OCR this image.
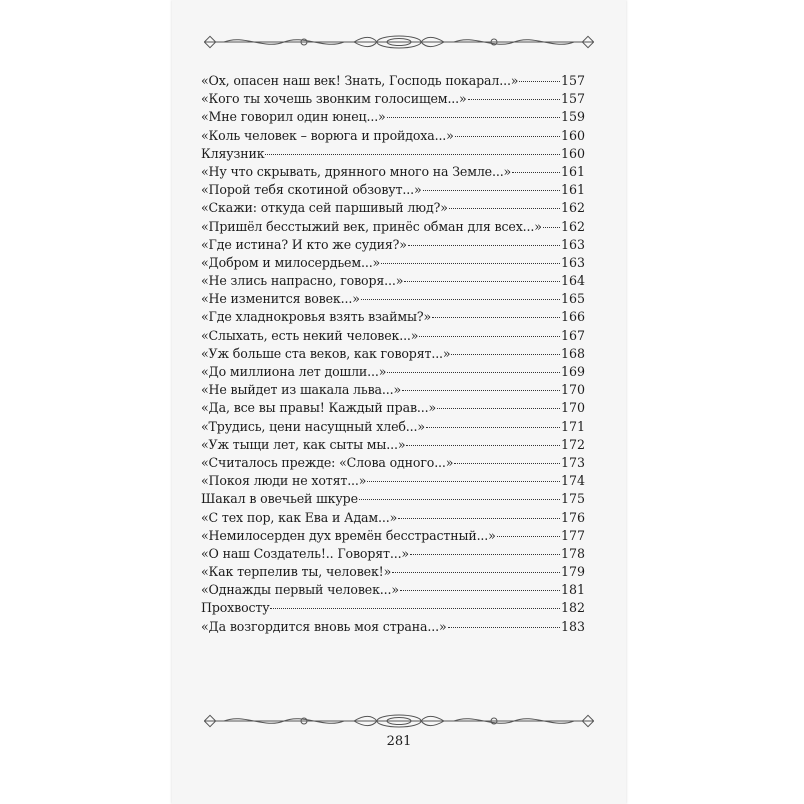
«Ох, опасен наш век! Знать, Господь покарал...»	157
«Кого ты хочешь звонким голосищем...»	157
«Мне говорил один юнец...»	159
«Коль человек – ворюга и пройдоха...»	160
Кляузник	160
«Ну что скрывать, дрянного много на Земле...»	161
«Порой тебя скотиной обзовут...»	161
«Скажи: откуда сей паршивый люд?»	162
«Пришёл бесстыжий век, принёс обман для всех...» 162
«Где истина? И кто же судия?»	163
«Добром и милосердьем...»	163
«Не злись напрасно, говоря...»	164
«Не изменится вовек...»	165
«Где хладнокровья взять взаймы?»	166
«Слыхать, есть некий человек...»	167
«Уж больше ста веков, как говорят...»	168
«До миллиона лет дошли...»	169
«Не выйдет из шакала льва...»	170
«Да, все вы правы! Каждый прав...»	170
«Трудись, цени насущный хлеб...»	171
«Уж тыщи лет, как сыты мы...»	172
«Считалось прежде: «Слова одного...»	173
«Покоя люди не хотят...»	174
Шакал в овечьей шкуре	175
«С тех пор, как Ева и Адам...»	176
«Немилосерден дух времён бесстрастный...»	177
«О наш Создатель!.. Говорят...»	178
«Как терпелив ты, человек!»	179
«Однажды первый человек...»	181
Прохвосту	182
«Да возгордится вновь моя страна...»	183
281
